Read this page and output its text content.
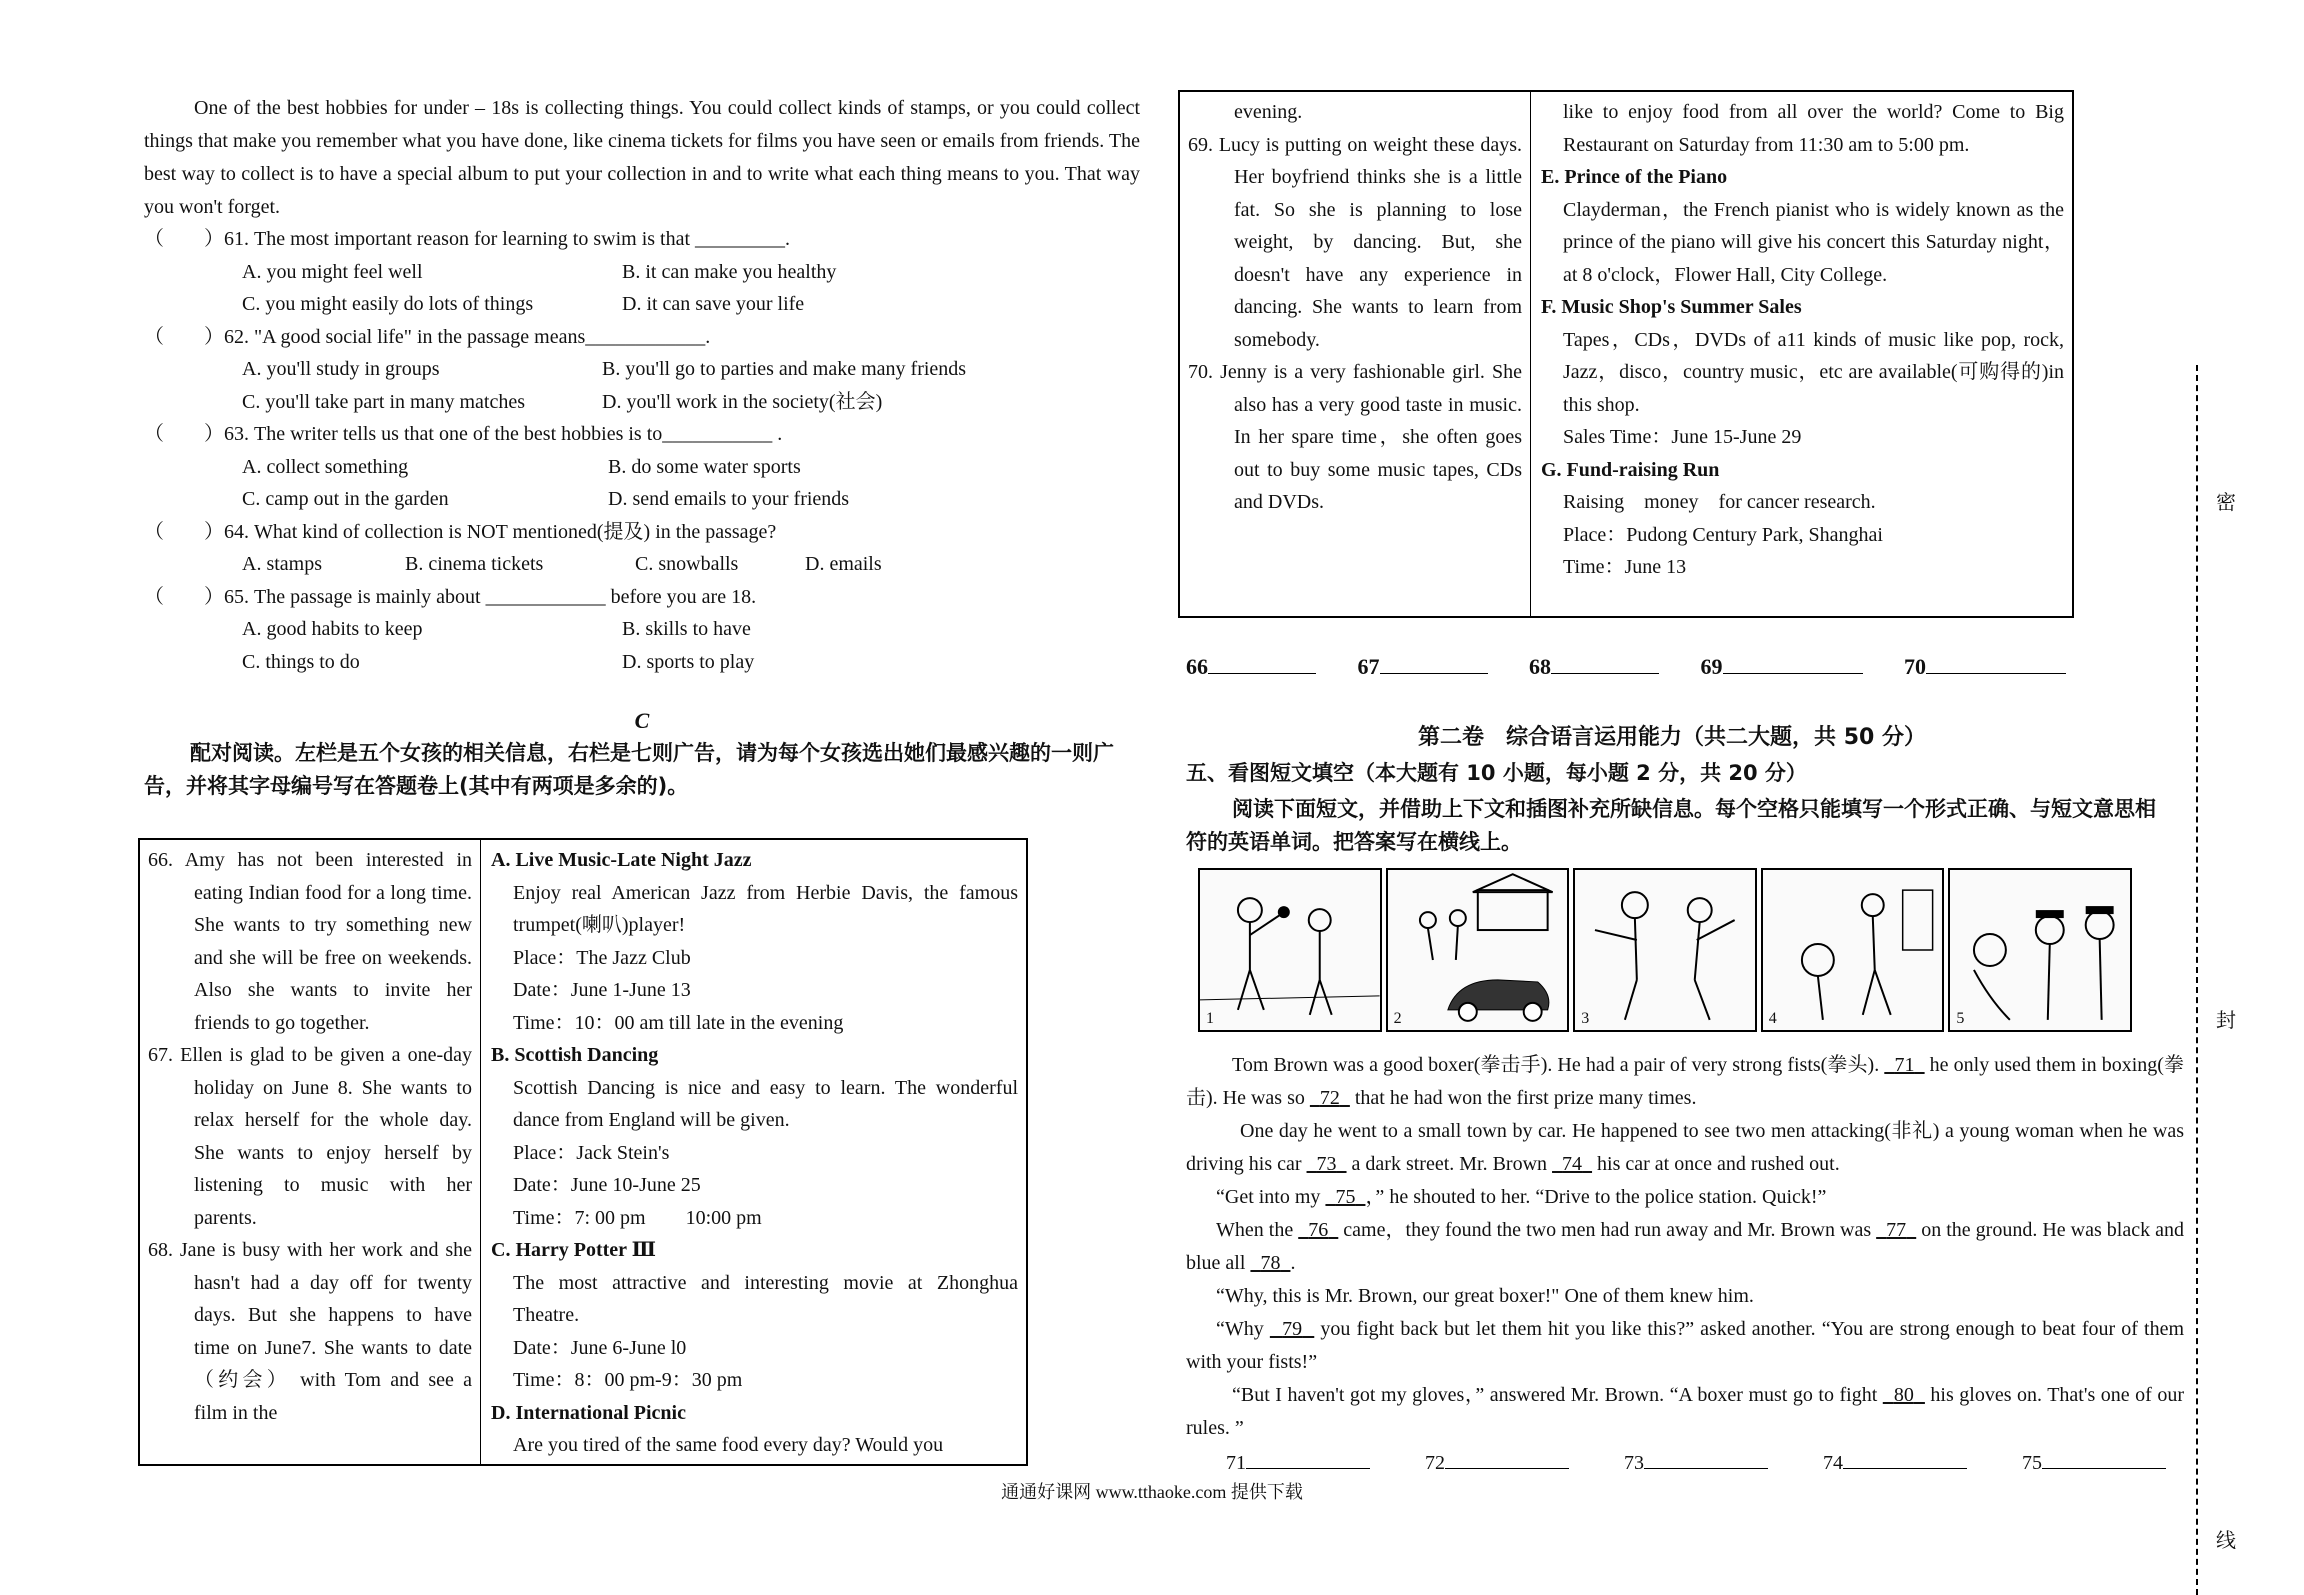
One of the best hobbies for under – 18s is collecting things. You could collect kinds of stamps, or you could collect things that make you remember what you have done, like cinema tickets for films you have seen or emails from friends. The best way to collect is to have a special album to put your collection in and to write what each thing means to you. That way you won't forget.

（　　）61. The most important reason for learning to swim is that _________.
A. you might feel well	B. it can make you healthy
C. you might easily do lots of things	D. it can save your life
（　　）62. "A good social life" in the passage means____________.
A. you'll study in groups	B. you'll go to parties and make many friends
C. you'll take part in many matches	D. you'll work in the society(社会)
（　　）63. The writer tells us that one of the best hobbies is to___________ .
A. collect something	B. do some water sports
C. camp out in the garden	D. send emails to your friends
（　　）64. What kind of collection is NOT mentioned(提及) in the passage?
A. stamps	B. cinema tickets	C. snowballs	D. emails
（　　）65. The passage is mainly about ____________ before you are 18.
A. good habits to keep	B. skills to have
C. things to do	D. sports to play
C

配对阅读。左栏是五个女孩的相关信息，右栏是七则广告，请为每个女孩选出她们最感兴趣的一则广告，并将其字母编号写在答题卷上(其中有两项是多余的)。

66. Amy has not been interested in eating Indian food for a long time. She wants to try something new and she will be free on weekends. Also she wants to invite her friends to go together.
67. Ellen is glad to be given a one-day holiday on June 8. She wants to relax herself for the whole day. She wants to enjoy herself by listening to music with her parents.
68. Jane is busy with her work and she hasn't had a day off for twenty days. But she happens to have time on June7. She wants to date（约会） with Tom and see a film in the

A. Live Music-Late Night Jazz
Enjoy real American Jazz from Herbie Davis, the famous trumpet(喇叭)player!
Place：The Jazz Club
Date：June 1-June 13
Time：10：00 am till late in the evening
B. Scottish Dancing
Scottish Dancing is nice and easy to learn. The wonderful dance from England will be given.
Place：Jack Stein's
Date：June 10-June 25
Time：7: 00 pm　　10:00 pm
C. Harry Potter Ⅲ
The most attractive and interesting movie at Zhonghua Theatre.
Date：June 6-June l0
Time：8：00 pm-9：30 pm
D. International Picnic
Are you tired of the same food every day? Would you
evening.
69. Lucy is putting on weight these days. Her boyfriend thinks she is a little fat. So she is planning to lose weight, by dancing. But, she doesn't have any experience in dancing. She wants to learn from somebody.
70. Jenny is a very fashionable girl. She also has a very good taste in music. In her spare time，she often goes out to buy some music tapes, CDs and DVDs.

like to enjoy food from all over the world? Come to Big Restaurant on Saturday from 11:30 am to 5:00 pm.
E. Prince of the Piano
Clayderman，the French pianist who is widely known as the prince of the piano will give his concert this Saturday night，at 8 o'clock，Flower Hall, City College.
F. Music Shop's Summer Sales
Tapes，CDs，DVDs of a11 kinds of music like pop, rock, Jazz，disco，country music，etc are available(可购得的)in this shop.
Sales Time：June 15-June 29
G. Fund-raising Run
Raising　money　for cancer research.
Place：Pudong Century Park, Shanghai
Time：June 13
66	67	68	69	70
第二卷　综合语言运用能力（共二大题，共 50 分）
五、看图短文填空（本大题有 10 小题，每小题 2 分，共 20 分）

阅读下面短文，并借助上下文和插图补充所缺信息。每个空格只能填写一个形式正确、与短文意思相符的英语单词。把答案写在横线上。

1	2	3	4	5
Tom Brown was a good boxer(拳击手). He had a pair of very strong fists(拳头).   71   he only used them in boxing(拳击). He was so   72   that he had won the first prize many times.
One day he went to a small town by car. He happened to see two men attacking(非礼) a young woman when he was driving his car   73   a dark street. Mr. Brown   74   his car at once and rushed out.
“Get into my   75 ，” he shouted to her. “Drive to the police station. Quick!”
When the   76   came，they found the two men had run away and Mr. Brown was   77   on the ground. He was black and blue all   78 .
“Why, this is Mr. Brown, our great boxer!" One of them knew him.
“Why   79   you fight back but let them hit you like this?” asked another. “You are strong enough to beat four of them with your fists!”
“But I haven't got my gloves，” answered Mr. Brown. “A boxer must go to fight   80   his gloves on. That's one of our rules. ”
71	72	73	74	75
通通好课网 www.tthaoke.com 提供下载
密
封
线
